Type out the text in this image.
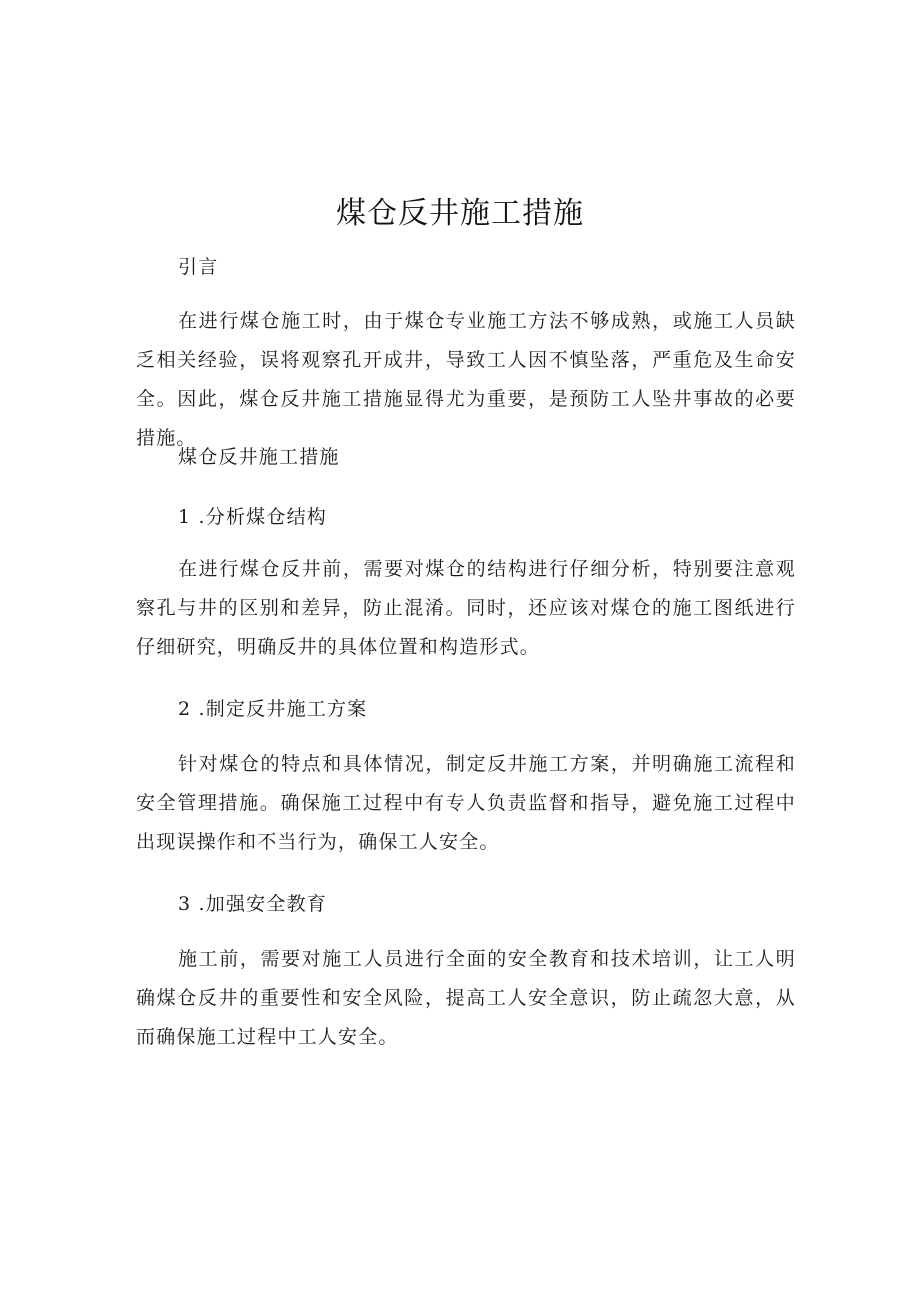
煤仓反井施工措施

引言

在进行煤仓施工时，由于煤仓专业施工方法不够成熟，或施工人员缺乏相关经验，误将观察孔开成井，导致工人因不慎坠落，严重危及生命安全。因此，煤仓反井施工措施显得尤为重要，是预防工人坠井事故的必要措施。

煤仓反井施工措施

1 .分析煤仓结构

在进行煤仓反井前，需要对煤仓的结构进行仔细分析，特别要注意观察孔与井的区别和差异，防止混淆。同时，还应该对煤仓的施工图纸进行仔细研究，明确反井的具体位置和构造形式。

2 .制定反井施工方案

针对煤仓的特点和具体情况，制定反井施工方案，并明确施工流程和安全管理措施。确保施工过程中有专人负责监督和指导，避免施工过程中出现误操作和不当行为，确保工人安全。

3 .加强安全教育

施工前，需要对施工人员进行全面的安全教育和技术培训，让工人明确煤仓反井的重要性和安全风险，提高工人安全意识，防止疏忽大意，从而确保施工过程中工人安全。
